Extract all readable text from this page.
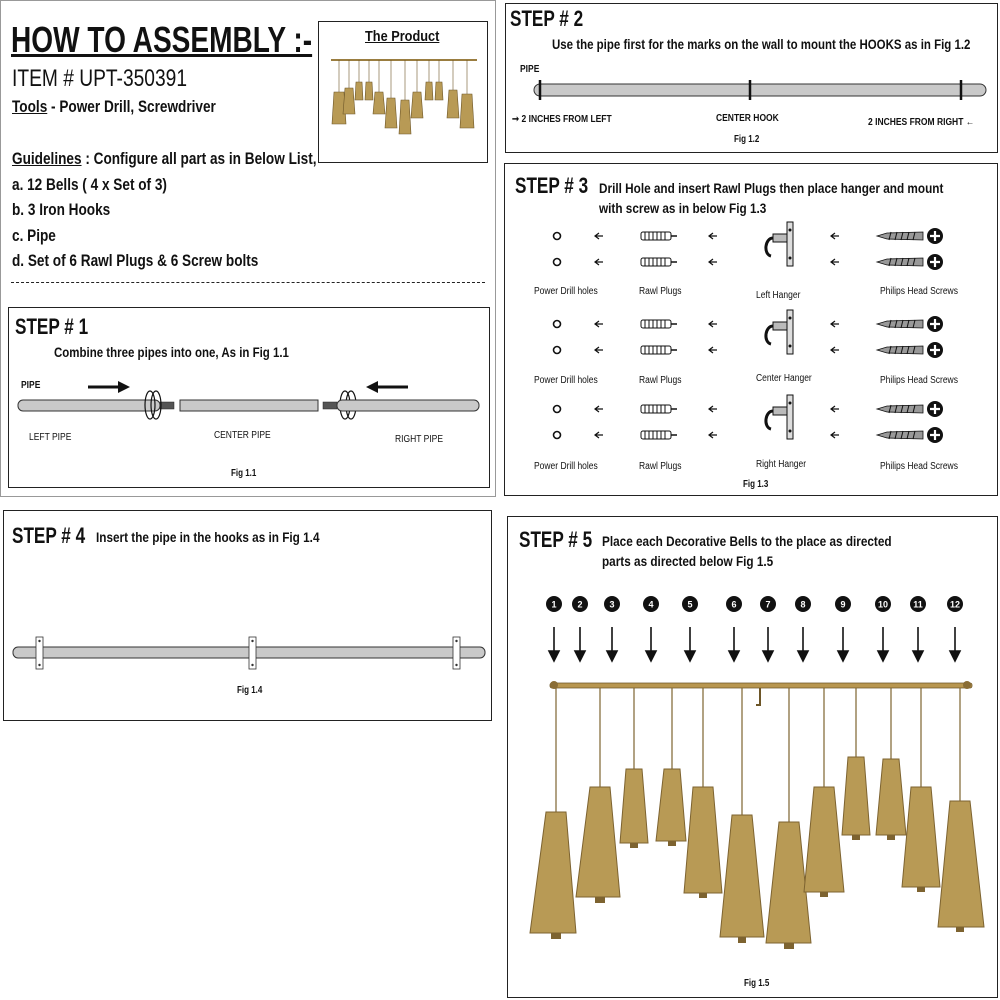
HOW TO ASSEMBLY :-
ITEM # UPT-350391
Tools - Power Drill, Screwdriver
Guidelines : Configure all part as in Below List,
a. 12 Bells ( 4 x Set of 3)
b. 3 Iron Hooks
c. Pipe
d. Set of 6 Rawl Plugs & 6 Screw bolts
The Product
STEP # 1
Combine three pipes into one, As in Fig 1.1
PIPE
LEFT PIPE	CENTER PIPE	RIGHT PIPE
Fig 1.1
STEP # 2
Use the pipe first for the marks on the wall to mount the HOOKS as in Fig 1.2
PIPE
➞ 2 INCHES FROM LEFT	CENTER HOOK	2 INCHES FROM RIGHT ←
Fig 1.2
STEP # 3 Drill Hole and insert Rawl Plugs then place hanger and mount
with screw as in below Fig 1.3
Power Drill holes	Rawl Plugs	Left Hanger	Philips Head Screws
Power Drill holes	Rawl Plugs	Center Hanger	Philips Head Screws
Power Drill holes	Rawl Plugs	Right Hanger	Philips Head Screws
Fig 1.3
STEP # 4 Insert the pipe in the hooks as in Fig 1.4
Fig 1.4
STEP # 5 Place each Decorative Bells to the place as directed
parts as directed below Fig 1.5
1 2	3	4	5	6	7	8	9	10	11	12
Fig 1.5
